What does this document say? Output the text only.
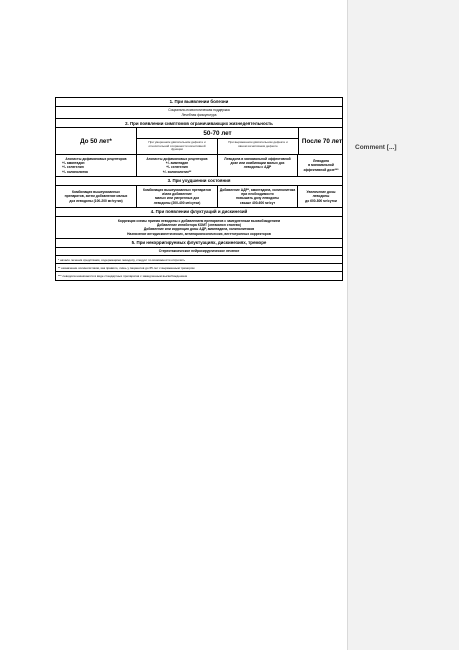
1. При выявлении болезни
Социально-психологическая поддержка
Лечебная физкультура
2. При появлении симптомов ограничивающих жизнедеятельность
До 50 лет*
50-70 лет
При умеренном двигательном дефекте и
относительной сохранности когнитивной
функции
При выраженном двигательном дефекте и
явном когнитивном дефекте
После 70 лет
Агонисты дофаминовых рецепторов
+/- амантадин
+/- селегелин
+/- холинолитик
Агонисты дофаминовых рецепторов
+/- амантадин
+/- селегелин
+/- холинолитик**
Леводопа в минимальной эффективной
дозе или комбинации малых доз
леводопы с АДР
Леводопа
в минимальной
эффективной дозе***
3. При ухудшении состояния
Комбинация вышеуказанных
препаратов, затем добавление малых
доз леводопы (100-200 мг/сутки)
Комбинация вышеуказанных препаратов
и/или добавление
малых или умеренных доз
леводопы (200-400 мг/сутки)
Добавление АДР*, амантадина, холинолитика
при необходимости
повышать дозу леводопы
свыше 400-600 мг/сут
Увеличение дозы
леводопы
до 600-800 мг/сутки
4. При появлении флуктуаций и дискинезий
Коррекция схемы приема леводопы с добавлением препаратов с замедленным высвобождением
Добавление ингибитора КОМТ (энтакапон сталево)
Добавление или коррекция дозы АДР, амантадина, холинолитиков
Назначение антидискинетических, антипаркинсонических, вегетотропных корректоров
5. При некорригируемых флуктуациях, дискинезиях, треморе
Стереотаксическое нейрохирургическое лечение
* начало лечения средствами, содержащими леводопу, следует по возможности отсрочить
** назначение холинолитиков, как правило, лишь у пациентов до 65 лет с выраженным тремором
*** леводопа назначается в виде стандартных препаратов с замедленным высвобождением
Comment [...]
